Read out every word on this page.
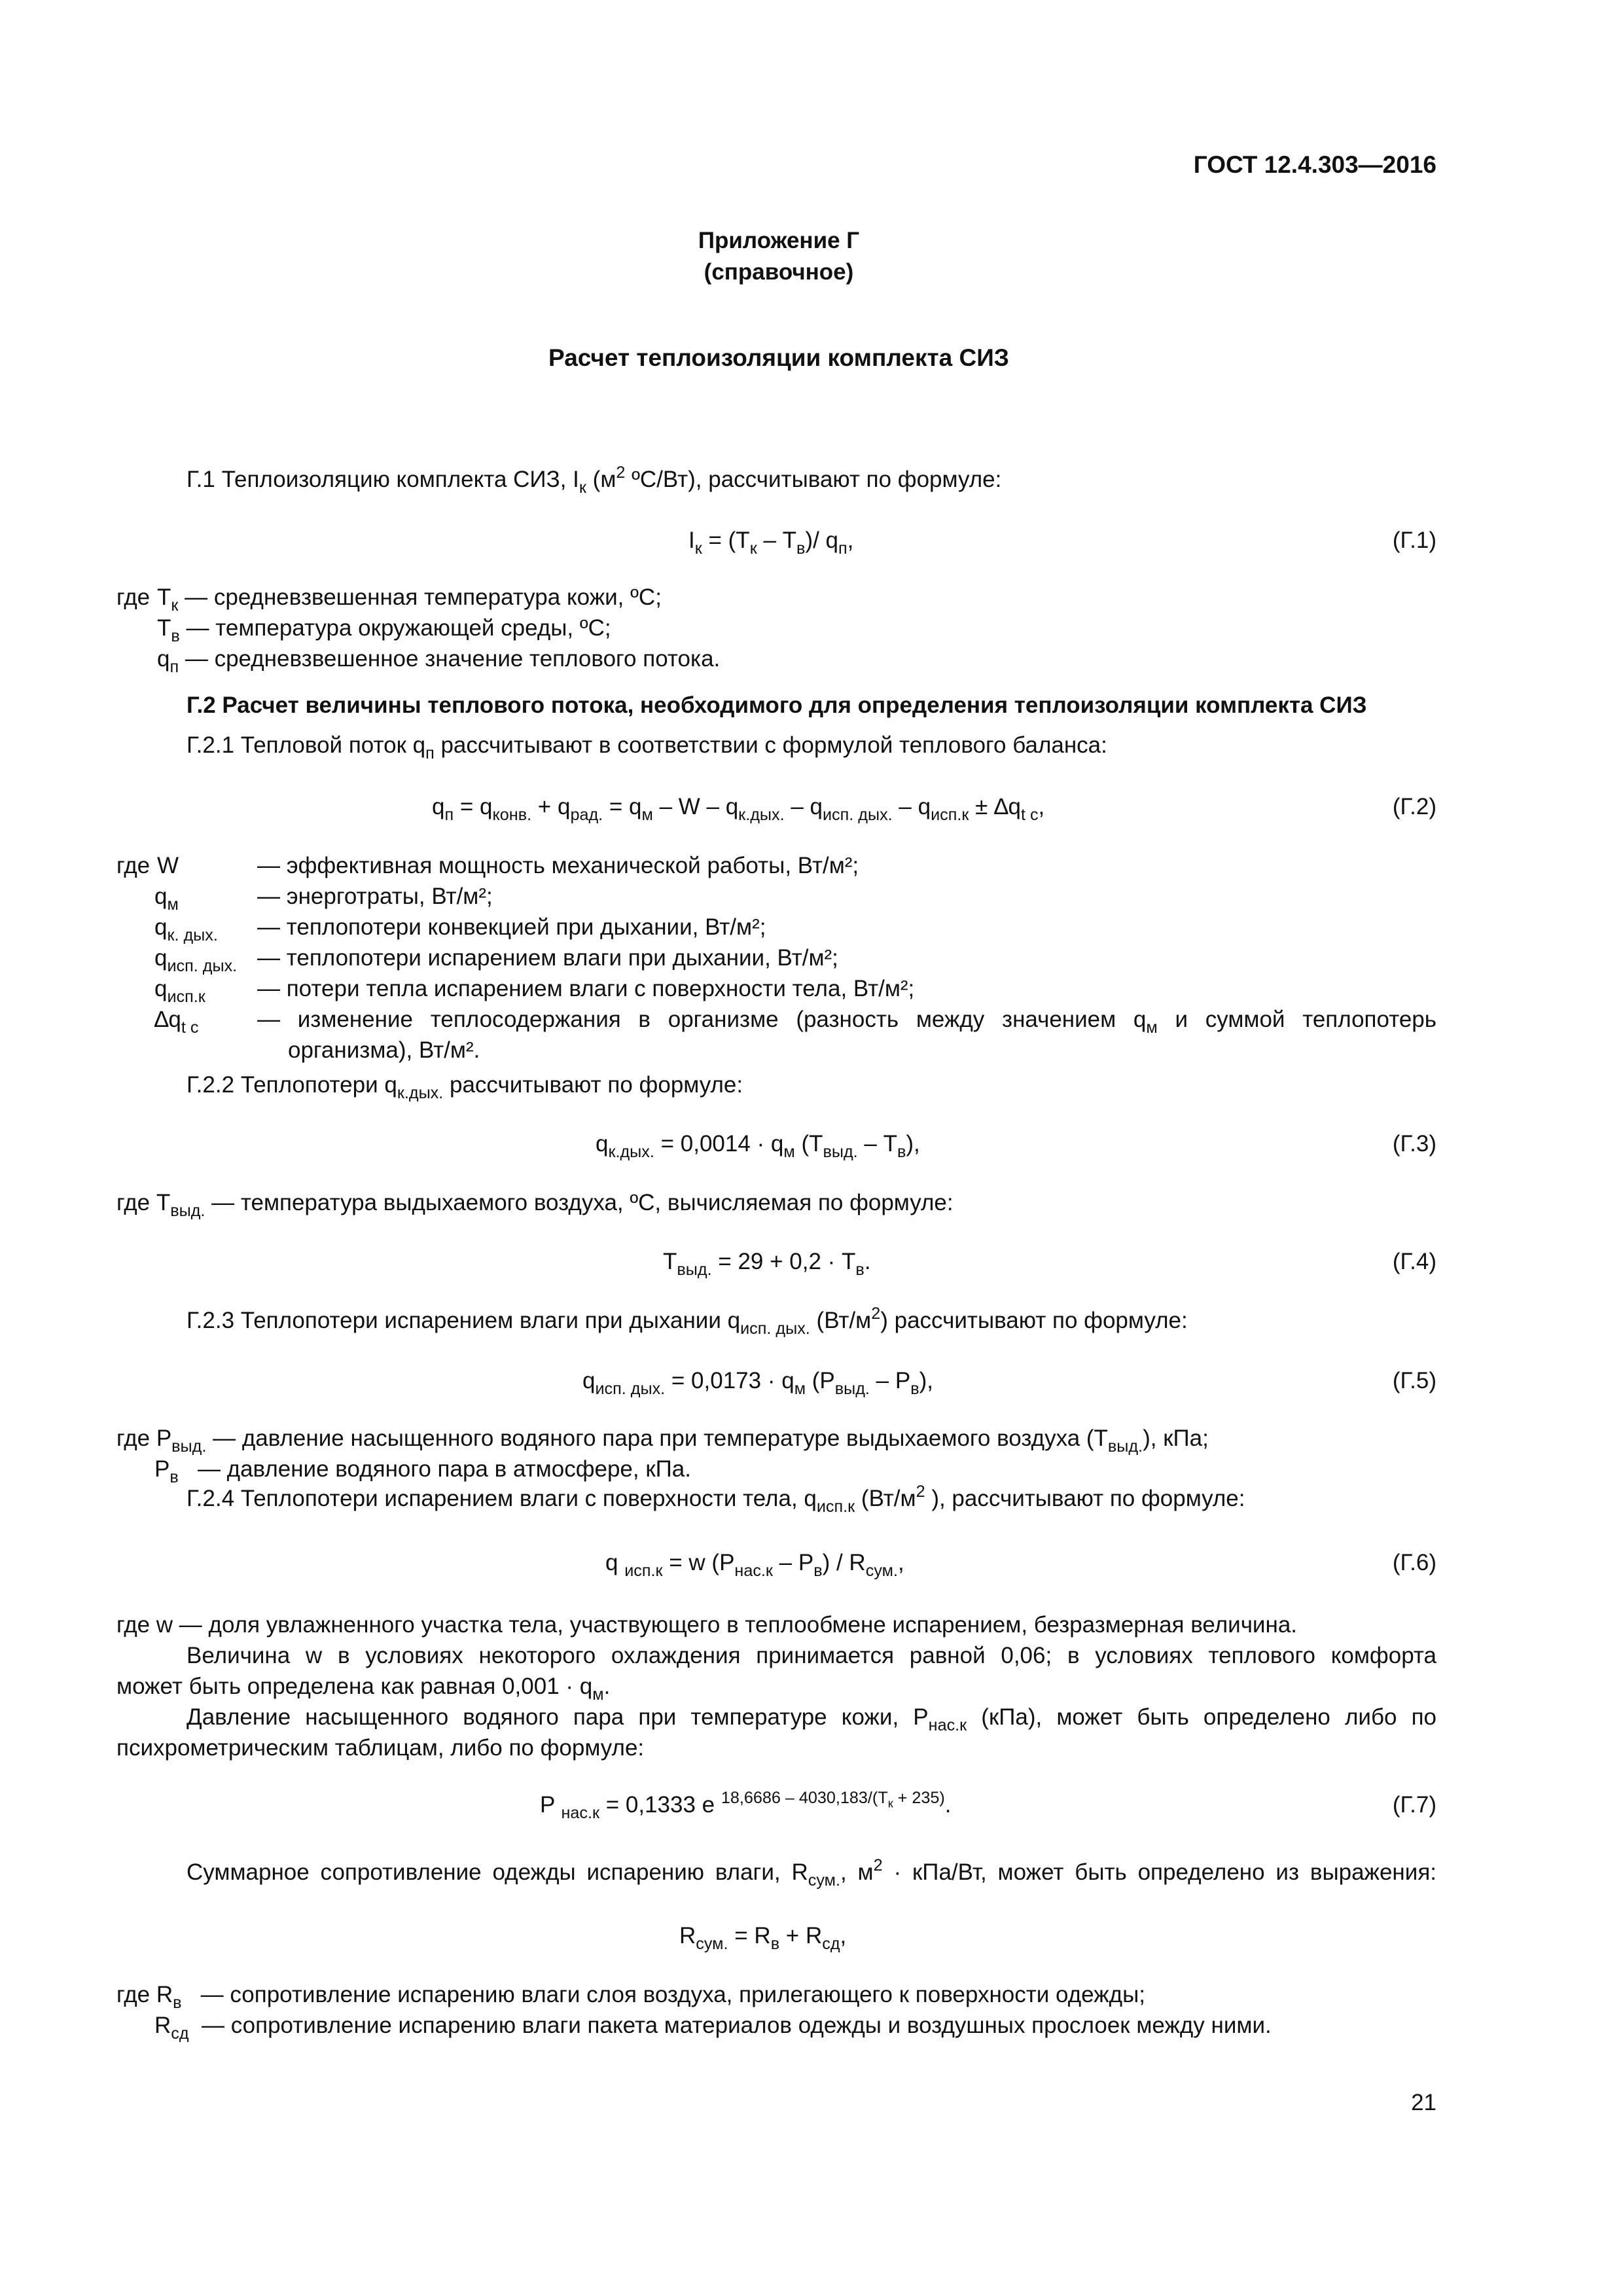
ГОСТ 12.4.303—2016
Приложение Г
(справочное)
Расчет теплоизоляции комплекта СИЗ
Г.1 Теплоизоляцию комплекта СИЗ, $I_к$ ($м^2$ ºС/Вт), рассчитывают по формуле:
$I_к = (T_к - T_в)/$ $q_п$,	(Г.1)
где $T_к$ — средневзвешенная температура кожи, ºС;
$T_в$ — температура окружающей среды, ºС;
$q_п$ — средневзвешенное значение теплового потока.
Г.2 Расчет величины теплового потока, необходимого для определения теплоизоляции комплекта СИЗ
Г.2.1 Тепловой поток $q_п$ рассчитывают в соответствии с формулой теплового баланса:
$q_п = q_{конв.} + q_{рад.} = q_м - W - q_{к.дых.} - q_{исп. дых.} - q_{исп.к} \pm \Delta q_{t c}$,	(Г.2)
где W	— эффективная мощность механической работы, Вт/м²;
$q_м$	— энерготраты, Вт/м²;
$q_{к. дых.}$ — теплопотери конвекцией при дыхании, Вт/м²;
$q_{исп. дых.}$ — теплопотери испарением влаги при дыхании, Вт/м²;
$q_{исп.к}$ — потери тепла испарением влаги с поверхности тела, Вт/м²;
$\Delta q_{t c}$	— изменение теплосодержания в организме (разность между значением $q_м$ и суммой теплопотерь
организма), Вт/м².
Г.2.2 Теплопотери $q_{к.дых.}$ рассчитывают по формуле:
$q_{к.дых.} = 0,0014 \cdot q_м$ $(T_{выд.} - T_в)$,	(Г.3)
где $T_{выд.}$ — температура выдыхаемого воздуха, ºС, вычисляемая по формуле:
$T_{выд.} = 29 + 0,2 \cdot T_в$.	(Г.4)
Г.2.3 Теплопотери испарением влаги при дыхании $q_{исп. дых.}$ $(Вт/м^2)$ рассчитывают по формуле:
$q_{исп. дых.} = 0,0173 \cdot q_м$ $(P_{выд.} - P_в)$,	(Г.5)
где $P_{выд.}$ — давление насыщенного водяного пара при температуре выдыхаемого воздуха $(T_{выд.})$, кПа;
$P_в$ — давление водяного пара в атмосфере, кПа.
Г.2.4 Теплопотери испарением влаги с поверхности тела, $q_{исп.к}$ ($Вт/м^2$ ), рассчитывают по формуле:
q $_{исп.к}$ = w $(P_{нас.к} - P_в) / R_{сум.}$,	(Г.6)
где w — доля увлажненного участка тела, участвующего в теплообмене испарением, безразмерная величина.
Величина w в условиях некоторого охлаждения принимается равной 0,06; в условиях теплового комфорта
может быть определена как равная $0,001 \cdot q_м$.
Давление насыщенного водяного пара при температуре кожи, $P_{нас.к}$ (кПа), может быть определено либо по
психрометрическим таблицам, либо по формуле:
P $_{нас.к}$ = 0,1333 е $^{18,6686 - 4030,183/(T_к + 235)}$.	(Г.7)
Суммарное сопротивление одежды испарению влаги, $R_{сум.}$, $м^2 \cdot кПа/Вт$, может быть определено из выражения:
$R_{сум.} = R_в + R_{сд}$,
где $R_в$ — сопротивление испарению влаги слоя воздуха, прилегающего к поверхности одежды;
$R_{сд}$ — сопротивление испарению влаги пакета материалов одежды и воздушных прослоек между ними.
21
